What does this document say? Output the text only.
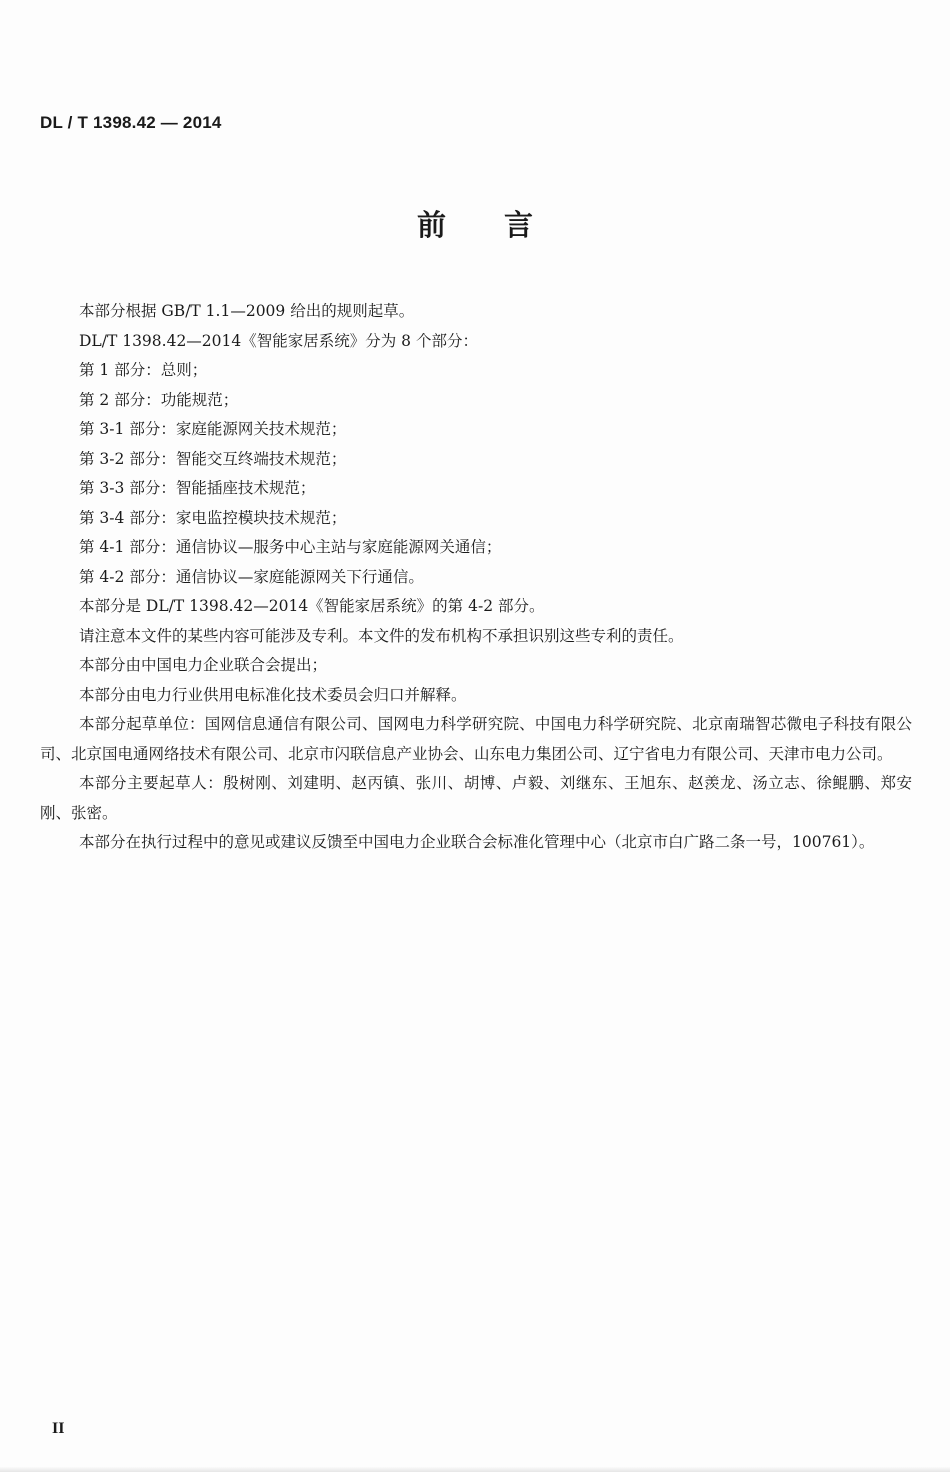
DL / T 1398.42 — 2014
前言

本部分根据 GB/T 1.1—2009 给出的规则起草。

DL/T 1398.42—2014《智能家居系统》分为 8 个部分：

第 1 部分：总则；

第 2 部分：功能规范；

第 3-1 部分：家庭能源网关技术规范；

第 3-2 部分：智能交互终端技术规范；

第 3-3 部分：智能插座技术规范；

第 3-4 部分：家电监控模块技术规范；

第 4-1 部分：通信协议—服务中心主站与家庭能源网关通信；

第 4-2 部分：通信协议—家庭能源网关下行通信。

本部分是 DL/T 1398.42—2014《智能家居系统》的第 4-2 部分。

请注意本文件的某些内容可能涉及专利。本文件的发布机构不承担识别这些专利的责任。

本部分由中国电力企业联合会提出；

本部分由电力行业供用电标准化技术委员会归口并解释。

本部分起草单位：国网信息通信有限公司、国网电力科学研究院、中国电力科学研究院、北京南瑞智芯微电子科技有限公司、北京国电通网络技术有限公司、北京市闪联信息产业协会、山东电力集团公司、辽宁省电力有限公司、天津市电力公司。

本部分主要起草人：殷树刚、刘建明、赵丙镇、张川、胡博、卢毅、刘继东、王旭东、赵羡龙、汤立志、徐鲲鹏、郑安刚、张密。

本部分在执行过程中的意见或建议反馈至中国电力企业联合会标准化管理中心（北京市白广路二条一号，100761）。

II
